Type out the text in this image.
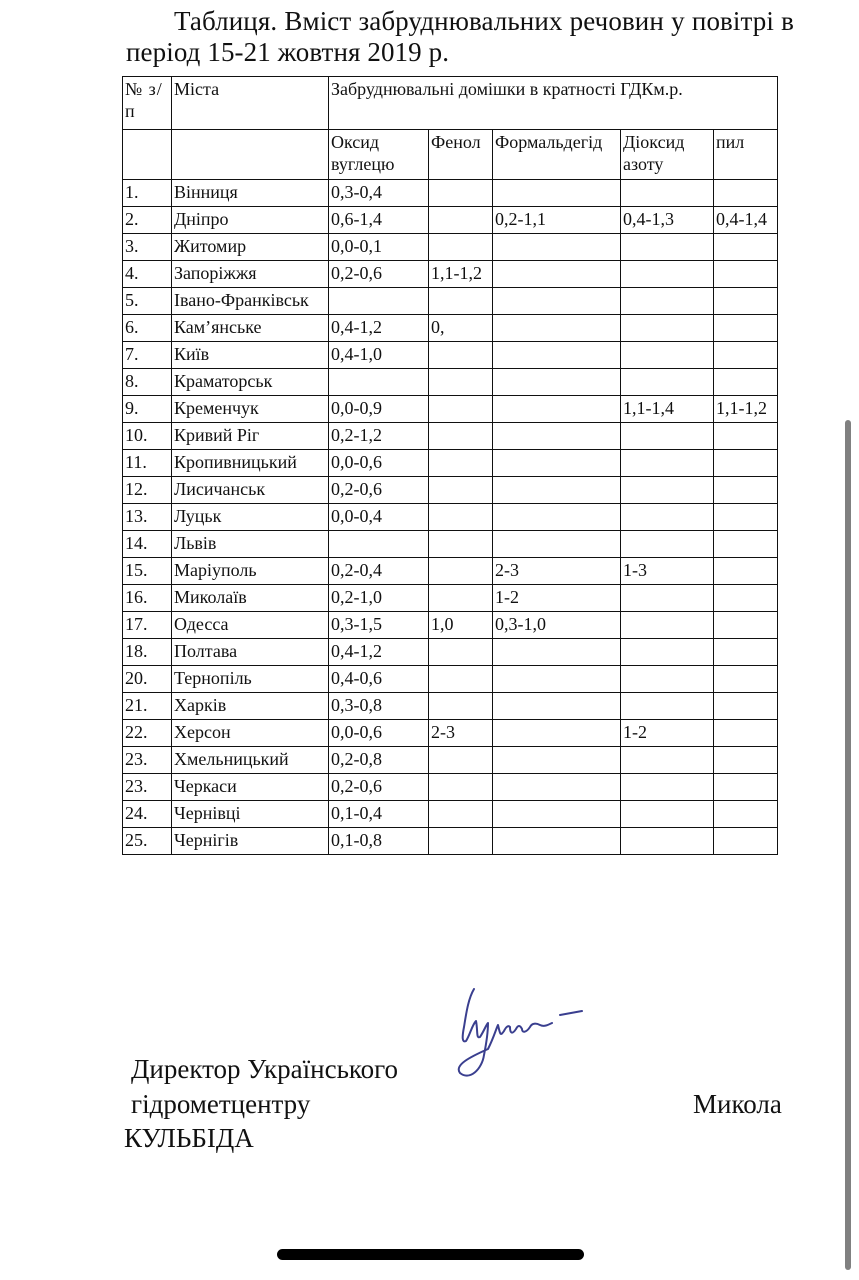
Таблиця. Вміст забруднювальних речовин у повітрі в період 15-21 жовтня 2019 р.
№ з/п	Міста	Забруднювальні домішки в кратності ГДКм.р.				
		Оксид вуглецю	Фенол	Формальдегід	Діоксид азоту	пил
1.	Вінниця	0,3-0,4				
2.	Дніпро	0,6-1,4		0,2-1,1	0,4-1,3	0,4-1,4
3.	Житомир	0,0-0,1				
4.	Запоріжжя	0,2-0,6	1,1-1,2			
5.	Івано-Франківськ					
6.	Кам’янське	0,4-1,2	0,			
7.	Київ	0,4-1,0				
8.	Краматорськ					
9.	Кременчук	0,0-0,9			1,1-1,4	1,1-1,2
10.	Кривий Ріг	0,2-1,2				
11.	Кропивницький	0,0-0,6				
12.	Лисичанськ	0,2-0,6				
13.	Луцьк	0,0-0,4				
14.	Львів					
15.	Маріуполь	0,2-0,4		2-3	1-3	
16.	Миколаїв	0,2-1,0		1-2		
17.	Одесса	0,3-1,5	1,0	0,3-1,0		
18.	Полтава	0,4-1,2				
20.	Тернопіль	0,4-0,6				
21.	Харків	0,3-0,8				
22.	Херсон	0,0-0,6	2-3		1-2	
23.	Хмельницький	0,2-0,8				
23.	Черкаси	0,2-0,6				
24.	Чернівці	0,1-0,4				
25.	Чернігів	0,1-0,8				
Директор Українського
гідрометцентру	Микола
КУЛЬБІДА
